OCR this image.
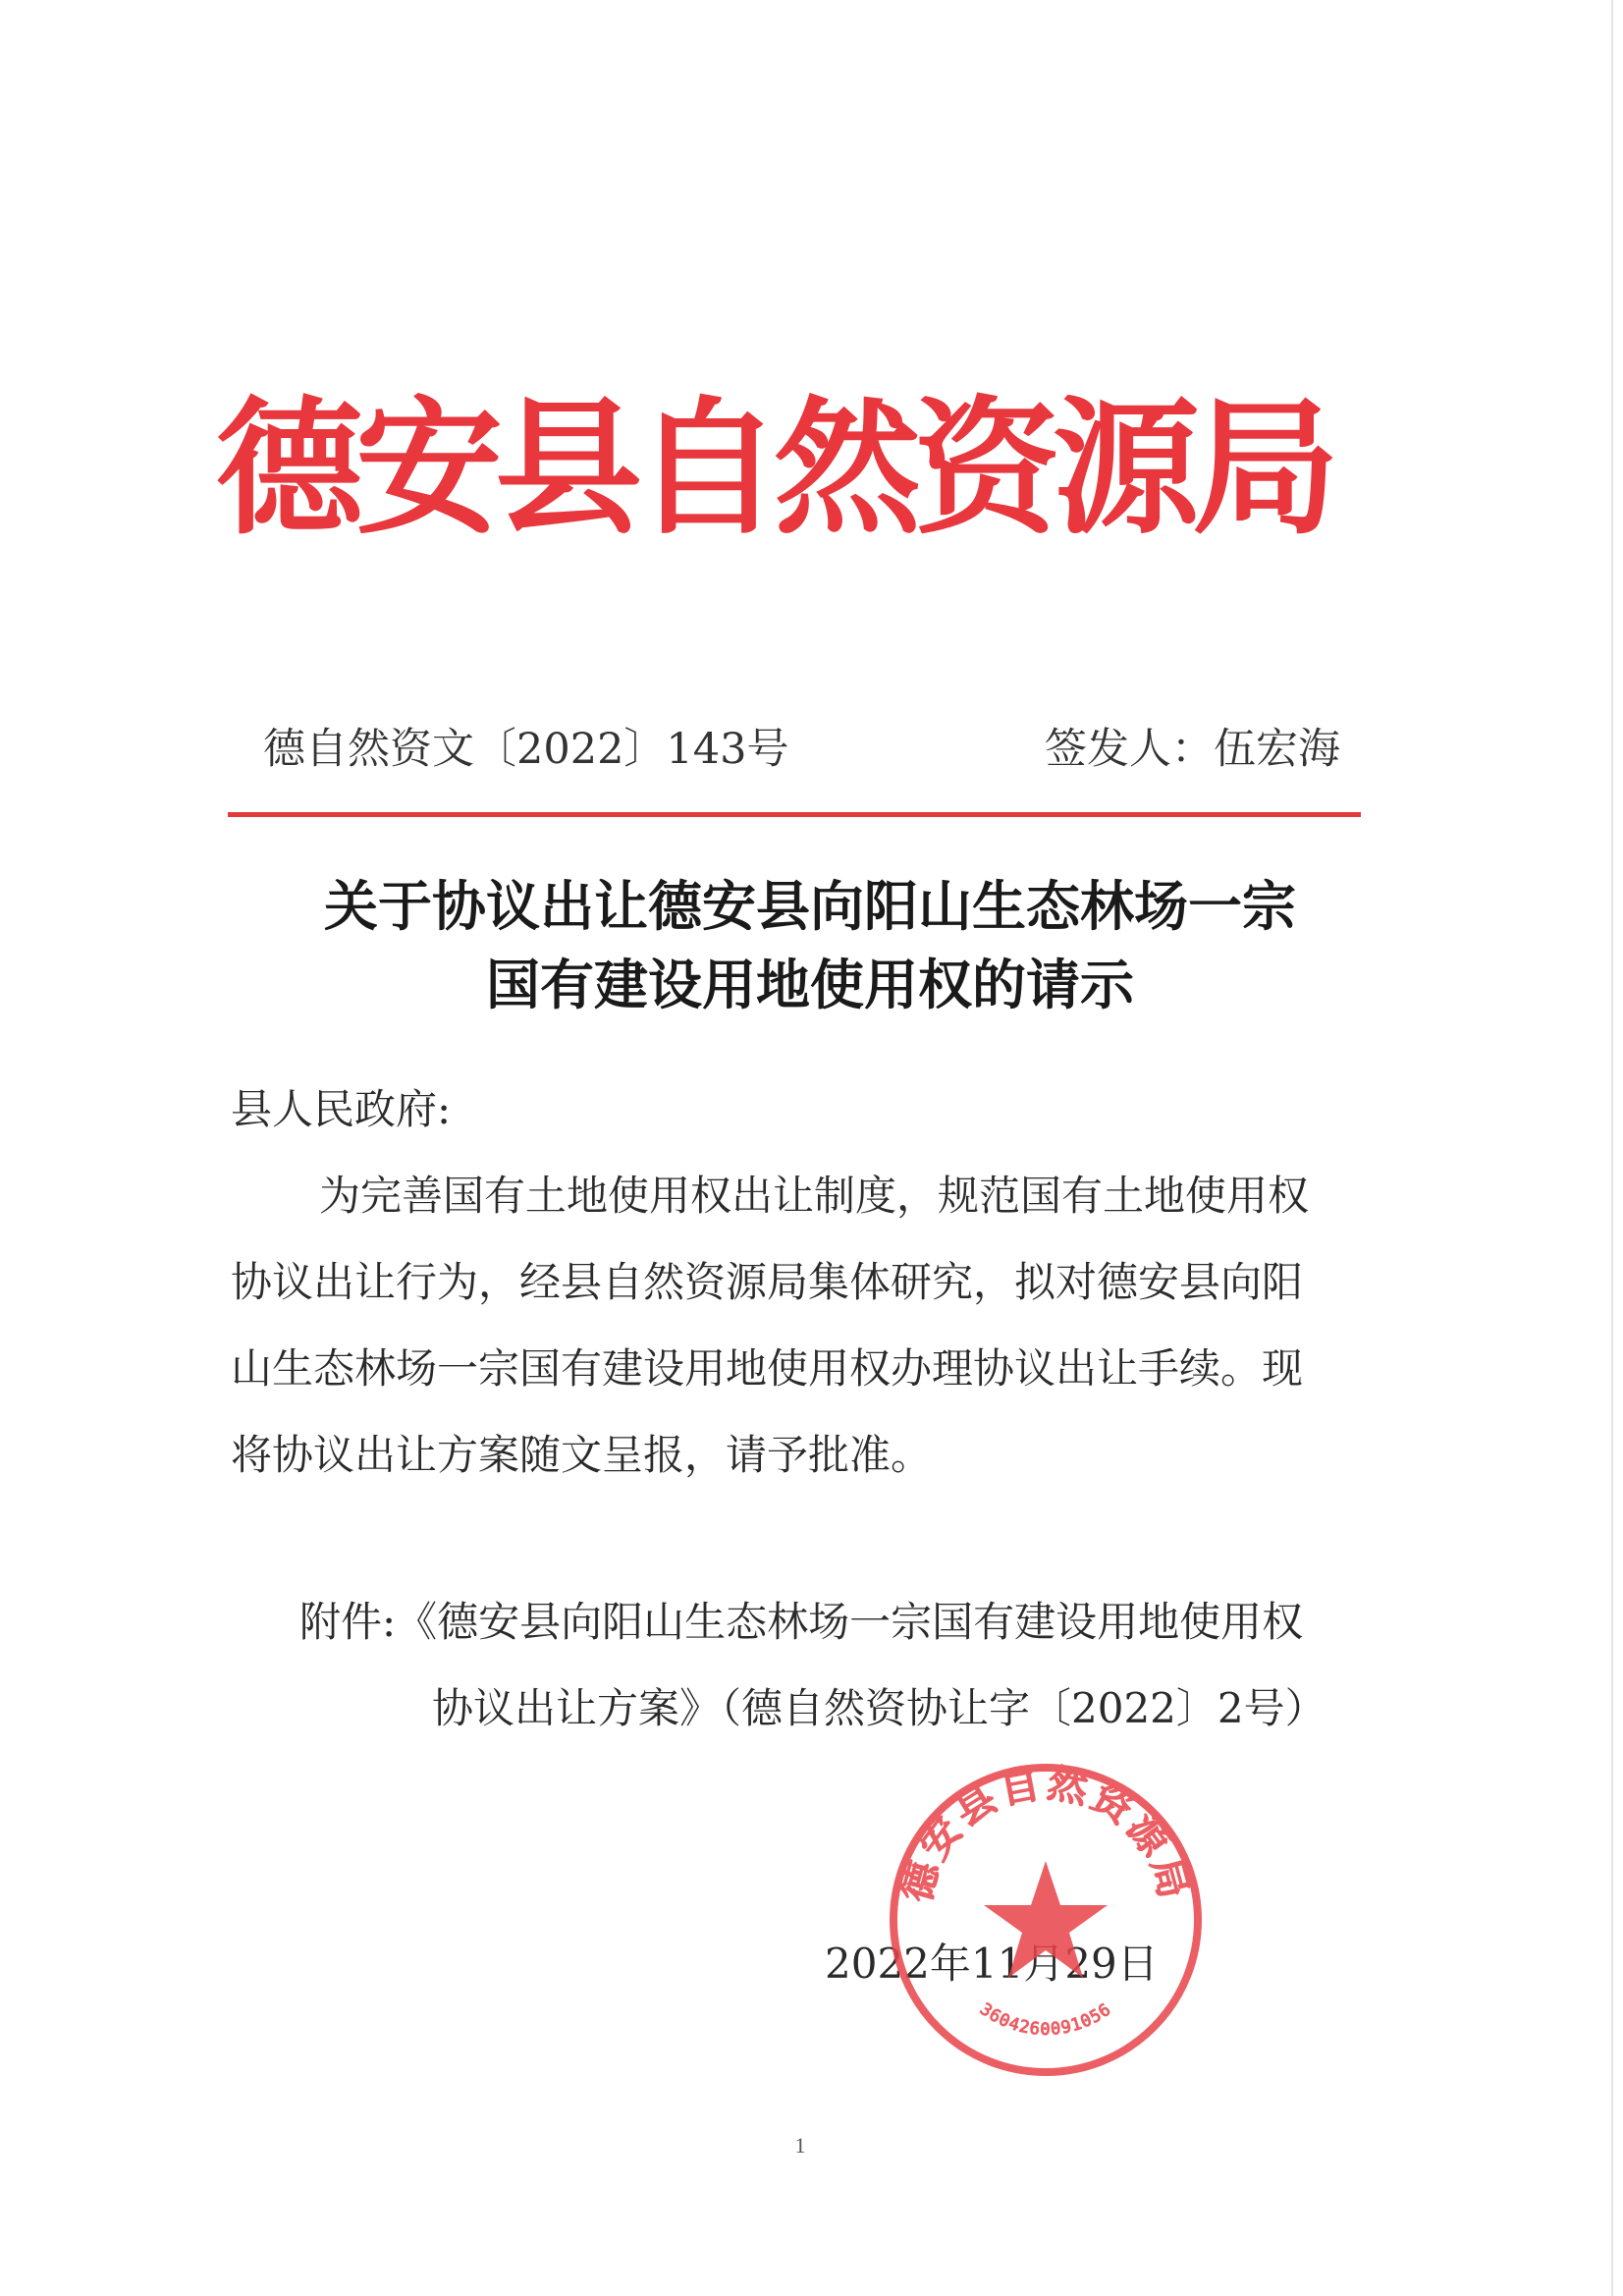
德安县自然资源局
德自然资文〔2022〕143号	签发人：伍宏海
关于协议出让德安县向阳山生态林场一宗
国有建设用地使用权的请示
县人民政府:
为完善国有土地使用权出让制度，规范国有土地使用权
协议出让行为，经县自然资源局集体研究，拟对德安县向阳
山生态林场一宗国有建设用地使用权办理协议出让手续。现
将协议出让方案随文呈报，请予批准。
附件:《德安县向阳山生态林场一宗国有建设用地使用权
协议出让方案》（德自然资协让字〔2022〕2号）
2022年11月29日
德安县自然资源局
3604260091056
1
